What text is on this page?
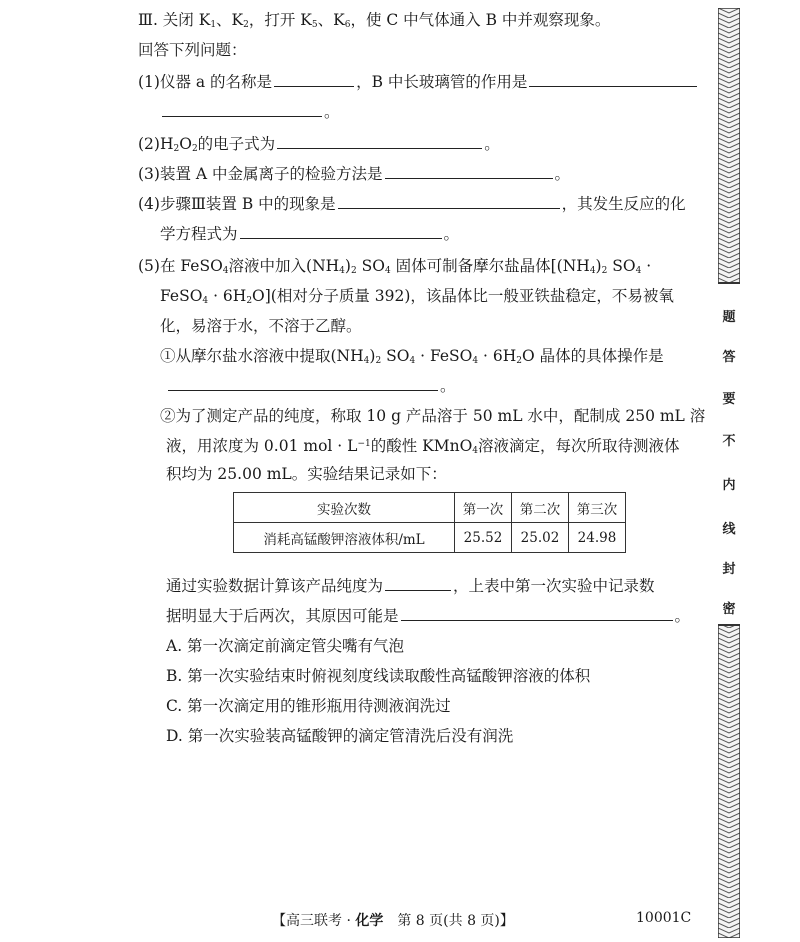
Ⅲ. 关闭 $K_1$、$K_2$，打开 $K_5$、$K_6$，使 C 中气体通入 B 中并观察现象。
回答下列问题：
(1)仪器 a 的名称是	，B 中长玻璃管的作用是
。
$(2)H_2O_2$的电子式为	。
(3)装置 A 中金属离子的检验方法是	。
(4)步骤Ⅲ装置 B 中的现象是	，其发生反应的化
学方程式为	。
(5)在 FeSO$_4$溶液中加入$(NH_4)_2$ $SO_4$ 固体可制备摩尔盐晶体[$(NH_4)_2$ $SO_4$ ·
FeSO$_4$ · $6H_2O$](相对分子质量 392)，该晶体比一般亚铁盐稳定，不易被氧
化，易溶于水，不溶于乙醇。
①从摩尔盐水溶液中提取$(NH_4)_2$ $SO_4$ · FeSO$_4$ · $6H_2O$ 晶体的具体操作是
。
②为了测定产品的纯度，称取 10 g 产品溶于 50 mL 水中，配制成 250 mL 溶
液，用浓度为 0.01 mol · $L^{-1}$的酸性 KMnO$_4$溶液滴定，每次所取待测液体
积均为 25.00 mL。实验结果记录如下：
实验次数	第一次	第二次	第三次
消耗高锰酸钾溶液体积/mL	25.52	25.02	24.98
通过实验数据计算该产品纯度为	，上表中第一次实验中记录数
据明显大于后两次，其原因可能是	。
A. 第一次滴定前滴定管尖嘴有气泡
B. 第一次实验结束时俯视刻度线读取酸性高锰酸钾溶液的体积
C. 第一次滴定用的锥形瓶用待测液润洗过
D. 第一次实验装高锰酸钾的滴定管清洗后没有润洗
题
答
要
不
内
线
封
密
【高三联考 · 化学　第 8 页(共 8 页)】	10001C
